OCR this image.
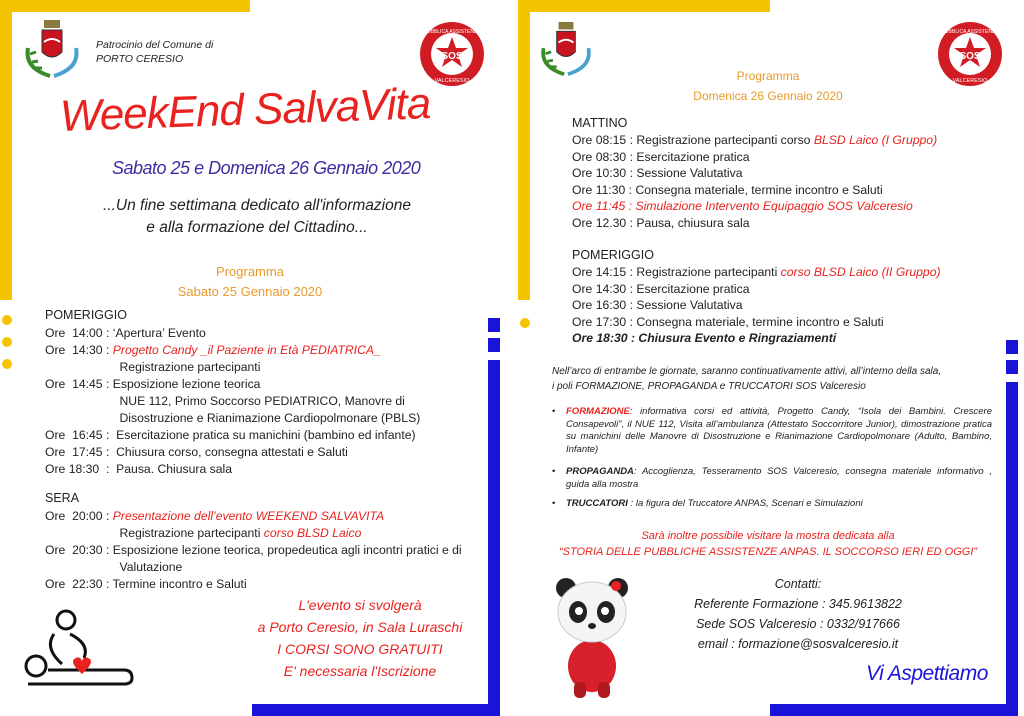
Patrocinio del Comune di
PORTO CERESIO	SOS
PUBBLICA ASSISTENZA
VALCERESIO
WeekEnd SalvaVita
Sabato 25 e Domenica 26 Gennaio 2020
...Un fine settimana dedicato all'informazione
e alla formazione del Cittadino...
Programma
Sabato 25 Gennaio 2020
POMERIGGIO
Ore  14:00 : ‘Apertura’ Evento
Ore  14:30 : Progetto Candy _il Paziente in Età PEDIATRICA_
Registrazione partecipanti
Ore  14:45 : Esposizione lezione teorica
NUE 112, Primo Soccorso PEDIATRICO, Manovre di
Disostruzione e Rianimazione Cardiopolmonare (PBLS)
Ore  16:45 :  Esercitazione pratica su manichini (bambino ed infante)
Ore  17:45 :  Chiusura corso, consegna attestati e Saluti
Ore 18:30  :  Pausa. Chiusura sala
SERA
Ore  20:00 : Presentazione dell’evento WEEKEND SALVAVITA
Registrazione partecipanti corso BLSD Laico
Ore  20:30 : Esposizione lezione teorica, propedeutica agli incontri pratici e di
Valutazione
Ore  22:30 : Termine incontro e Saluti
L'evento si svolgerà
a Porto Ceresio, in Sala Luraschi
I CORSI SONO GRATUITI
E' necessaria l'Iscrizione
SOS
PUBBLICA ASSISTENZA
VALCERESIO
Programma
Domenica 26 Gennaio 2020
MATTINO
Ore 08:15 : Registrazione partecipanti corso BLSD Laico (I Gruppo)
Ore 08:30 : Esercitazione pratica
Ore 10:30 : Sessione Valutativa
Ore 11:30 : Consegna materiale, termine incontro e Saluti
Ore 11:45 : Simulazione Intervento Equipaggio SOS Valceresio
Ore 12.30 : Pausa, chiusura sala
POMERIGGIO
Ore 14:15 : Registrazione partecipanti corso BLSD Laico (II Gruppo)
Ore 14:30 : Esercitazione pratica
Ore 16:30 : Sessione Valutativa
Ore 17:30 : Consegna materiale, termine incontro e Saluti
Ore 18:30 : Chiusura Evento e Ringraziamenti
Nell’arco di entrambe le giornate, saranno continuativamente attivi, all’interno della sala,
i poli FORMAZIONE, PROPAGANDA e TRUCCATORI SOS Valceresio
• FORMAZIONE: informativa corsi ed attività, Progetto Candy, “Isola dei Bambini. Crescere Consapevoli”, il NUE 112, Visita all’ambulanza (Attestato Soccorritore Junior), dimostrazione pratica su manichini delle Manovre di Disostruzione e Rianimazione Cardiopolmonare (Adulto, Bambino, Infante)
• PROPAGANDA: Accoglienza, Tesseramento SOS Valceresio, consegna materiale informativo , guida alla mostra
• TRUCCATORI : la figura del Truccatore ANPAS, Scenari e Simulazioni
Sarà inoltre possibile visitare la mostra dedicata alla
“STORIA DELLE PUBBLICHE ASSISTENZE ANPAS. IL SOCCORSO IERI ED OGGI”
Contatti:
Referente Formazione : 345.9613822
Sede SOS Valceresio : 0332/917666
email : formazione@sosvalceresio.it
Vi Aspettiamo
